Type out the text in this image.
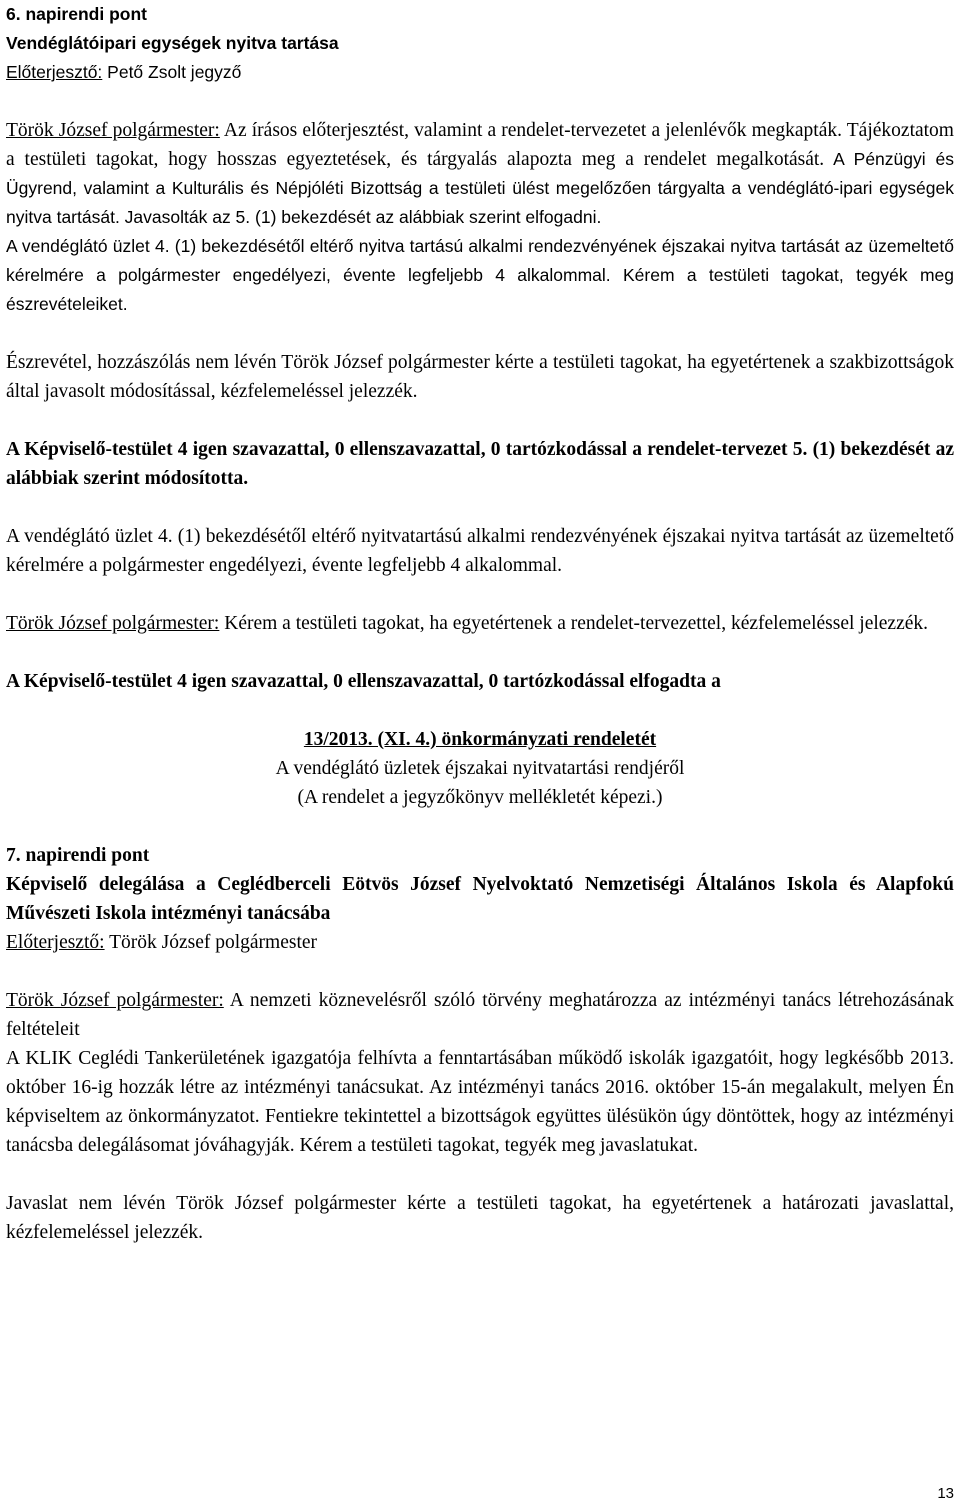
6. napirendi pont
Vendéglátóipari egységek nyitva tartása
Előterjesztő: Pető Zsolt jegyző
Török József polgármester: Az írásos előterjesztést, valamint a rendelet-tervezetet a jelenlévők megkapták. Tájékoztatom a testületi tagokat, hogy hosszas egyeztetések, és tárgyalás alapozta meg a rendelet megalkotását. A Pénzügyi és Ügyrend, valamint a Kulturális és Népjóléti Bizottság a testületi ülést megelőzően tárgyalta a vendéglátó-ipari egységek nyitva tartását. Javasolták az 5. (1) bekezdését az alábbiak szerint elfogadni.
A vendéglátó üzlet 4. (1) bekezdésétől eltérő nyitva tartású alkalmi rendezvényének éjszakai nyitva tartását az üzemeltető kérelmére a polgármester engedélyezi, évente legfeljebb 4 alkalommal. Kérem a testületi tagokat, tegyék meg észrevételeiket.
Észrevétel, hozzászólás nem lévén Török József polgármester kérte a testületi tagokat, ha egyetértenek a szakbizottságok által javasolt módosítással, kézfelemeléssel jelezzék.
A Képviselő-testület 4 igen szavazattal, 0 ellenszavazattal, 0 tartózkodással a rendelet-tervezet 5. (1) bekezdését az alábbiak szerint módosította.
A vendéglátó üzlet 4. (1) bekezdésétől eltérő nyitvatartású alkalmi rendezvényének éjszakai nyitva tartását az üzemeltető kérelmére a polgármester engedélyezi, évente legfeljebb 4 alkalommal.
Török József polgármester: Kérem a testületi tagokat, ha egyetértenek a rendelet-tervezettel, kézfelemeléssel jelezzék.
A Képviselő-testület 4 igen szavazattal, 0 ellenszavazattal, 0 tartózkodással elfogadta a
13/2013. (XI. 4.) önkormányzati rendeletét
A vendéglátó üzletek éjszakai nyitvatartási rendjéről
(A rendelet a jegyzőkönyv mellékletét képezi.)
7. napirendi pont
Képviselő delegálása a Ceglédberceli Eötvös József Nyelvoktató Nemzetiségi Általános Iskola és Alapfokú Művészeti Iskola intézményi tanácsába
Előterjesztő: Török József polgármester
Török József polgármester: A nemzeti köznevelésről szóló törvény meghatározza az intézményi tanács létrehozásának feltételeit
A KLIK Ceglédi Tankerületének igazgatója felhívta a fenntartásában működő iskolák igazgatóit, hogy legkésőbb 2013. október 16-ig hozzák létre az intézményi tanácsukat. Az intézményi tanács 2016. október 15-án megalakult, melyen Én képviseltem az önkormányzatot. Fentiekre tekintettel a bizottságok együttes ülésükön úgy döntöttek, hogy az intézményi tanácsba delegálásomat jóváhagyják. Kérem a testületi tagokat, tegyék meg javaslatukat.
Javaslat nem lévén Török József polgármester kérte a testületi tagokat, ha egyetértenek a határozati javaslattal, kézfelemeléssel jelezzék.
13
